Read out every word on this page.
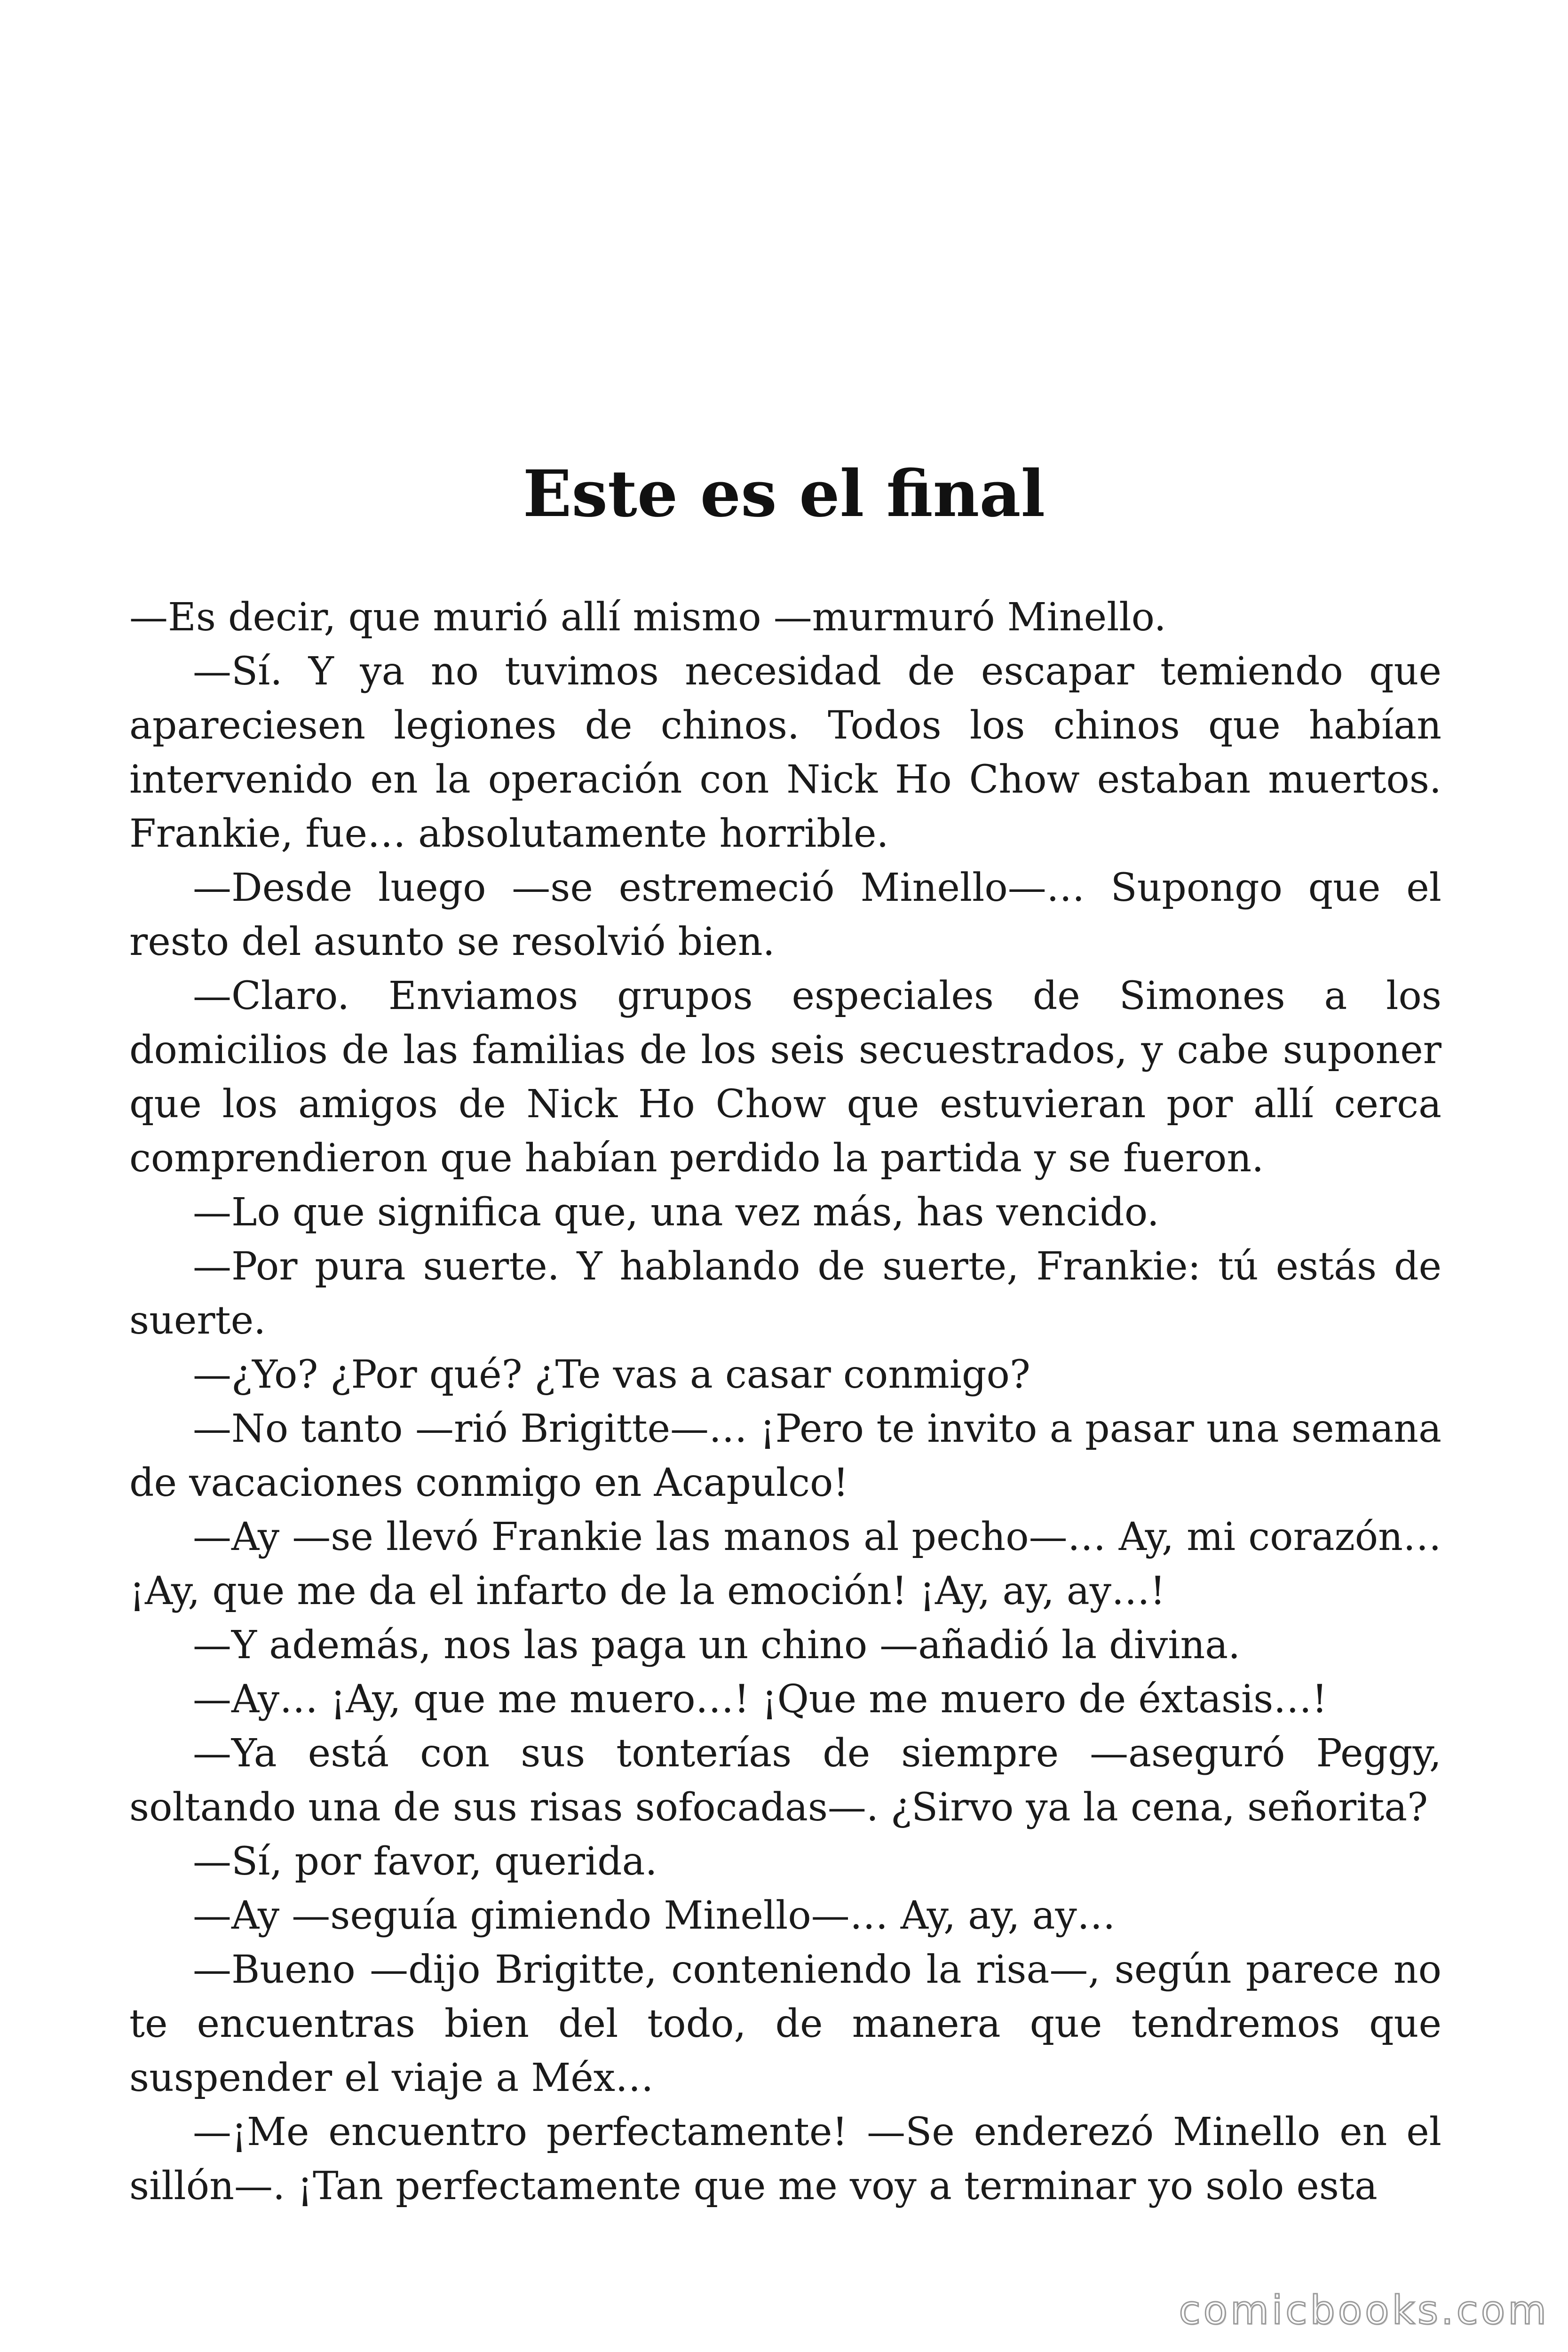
Este es el final

—Es decir, que murió allí mismo —murmuró Minello.

—Sí. Y ya no tuvimos necesidad de escapar temiendo que apareciesen legiones de chinos. Todos los chinos que habían intervenido en la operación con Nick Ho Chow estaban muertos. Frankie, fue… absolutamente horrible.

—Desde luego —se estremeció Minello—… Supongo que el resto del asunto se resolvió bien.

—Claro. Enviamos grupos especiales de Simones a los domicilios de las familias de los seis secuestrados, y cabe suponer que los amigos de Nick Ho Chow que estuvieran por allí cerca comprendieron que habían perdido la partida y se fueron.

—Lo que significa que, una vez más, has vencido.

—Por pura suerte. Y hablando de suerte, Frankie: tú estás de suerte.

—¿Yo? ¿Por qué? ¿Te vas a casar conmigo?

—No tanto —rió Brigitte—… ¡Pero te invito a pasar una semana de vacaciones conmigo en Acapulco!

—Ay —se llevó Frankie las manos al pecho—… Ay, mi corazón… ¡Ay, que me da el infarto de la emoción! ¡Ay, ay, ay…!

—Y además, nos las paga un chino —añadió la divina.

—Ay… ¡Ay, que me muero…! ¡Que me muero de éxtasis…!

—Ya está con sus tonterías de siempre —aseguró Peggy, soltando una de sus risas sofocadas—. ¿Sirvo ya la cena, señorita?

—Sí, por favor, querida.

—Ay —seguía gimiendo Minello—… Ay, ay, ay…

—Bueno —dijo Brigitte, conteniendo la risa—, según parece no te encuentras bien del todo, de manera que tendremos que suspender el viaje a Méx…

—¡Me encuentro perfectamente! —Se enderezó Minello en el sillón—. ¡Tan perfectamente que me voy a terminar yo solo esta

comicbooks.com
